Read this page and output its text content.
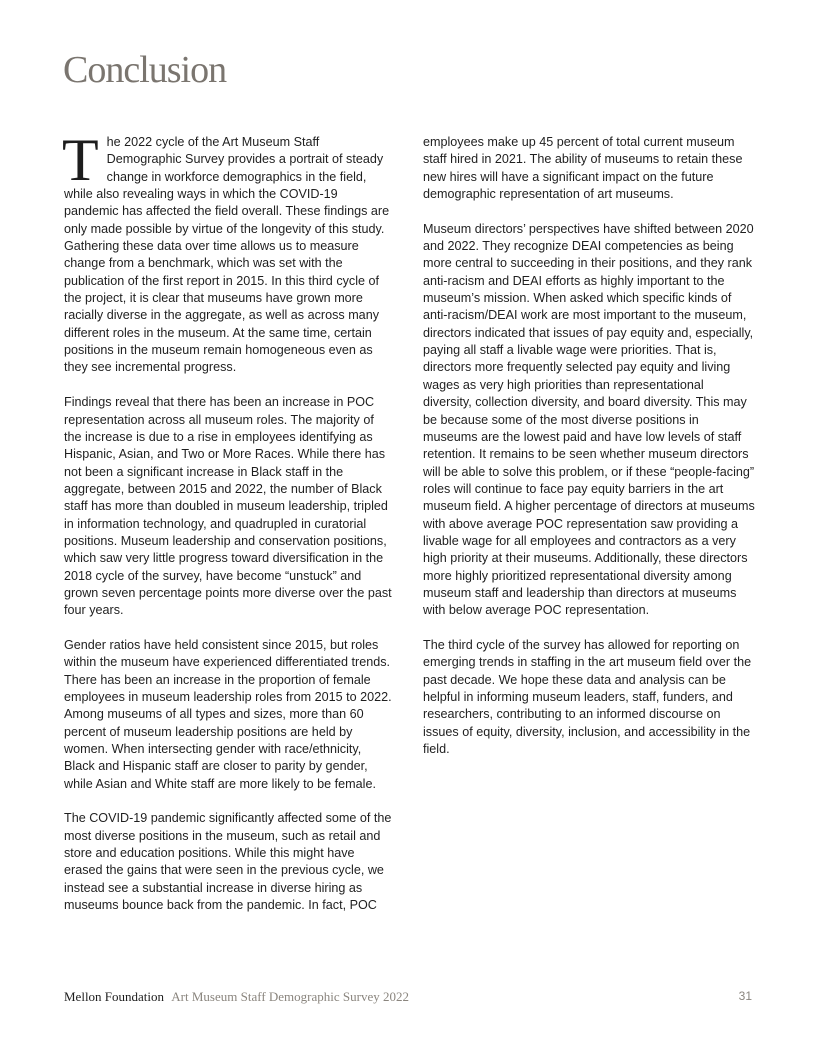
Conclusion

The 2022 cycle of the Art Museum Staff Demographic Survey provides a portrait of steady change in workforce demographics in the field, while also revealing ways in which the COVID-19 pandemic has affected the field overall. These findings are only made possible by virtue of the longevity of this study. Gathering these data over time allows us to measure change from a benchmark, which was set with the publication of the first report in 2015. In this third cycle of the project, it is clear that museums have grown more racially diverse in the aggregate, as well as across many different roles in the museum. At the same time, certain positions in the museum remain homogeneous even as they see incremental progress.

Findings reveal that there has been an increase in POC representation across all museum roles. The majority of the increase is due to a rise in employees identifying as Hispanic, Asian, and Two or More Races. While there has not been a significant increase in Black staff in the aggregate, between 2015 and 2022, the number of Black staff has more than doubled in museum leadership, tripled in information technology, and quadrupled in curatorial positions. Museum leadership and conservation positions, which saw very little progress toward diversification in the 2018 cycle of the survey, have become “unstuck” and grown seven percentage points more diverse over the past four years.

Gender ratios have held consistent since 2015, but roles within the museum have experienced differentiated trends. There has been an increase in the proportion of female employees in museum leadership roles from 2015 to 2022. Among museums of all types and sizes, more than 60 percent of museum leadership positions are held by women. When intersecting gender with race/ethnicity, Black and Hispanic staff are closer to parity by gender, while Asian and White staff are more likely to be female.

The COVID-19 pandemic significantly affected some of the most diverse positions in the museum, such as retail and store and education positions. While this might have erased the gains that were seen in the previous cycle, we instead see a substantial increase in diverse hiring as museums bounce back from the pandemic. In fact, POC

employees make up 45 percent of total current museum staff hired in 2021. The ability of museums to retain these new hires will have a significant impact on the future demographic representation of art museums.

Museum directors’ perspectives have shifted between 2020 and 2022. They recognize DEAI competencies as being more central to succeeding in their positions, and they rank anti-racism and DEAI efforts as highly important to the museum’s mission. When asked which specific kinds of anti-racism/DEAI work are most important to the museum, directors indicated that issues of pay equity and, especially, paying all staff a livable wage were priorities. That is, directors more frequently selected pay equity and living wages as very high priorities than representational diversity, collection diversity, and board diversity. This may be because some of the most diverse positions in museums are the lowest paid and have low levels of staff retention. It remains to be seen whether museum directors will be able to solve this problem, or if these “people-facing” roles will continue to face pay equity barriers in the art museum field. A higher percentage of directors at museums with above average POC representation saw providing a livable wage for all employees and contractors as a very high priority at their museums. Additionally, these directors more highly prioritized representational diversity among museum staff and leadership than directors at museums with below average POC representation.

The third cycle of the survey has allowed for reporting on emerging trends in staffing in the art museum field over the past decade. We hope these data and analysis can be helpful in informing museum leaders, staff, funders, and researchers, contributing to an informed discourse on issues of equity, diversity, inclusion, and accessibility in the field.

Mellon Foundation Art Museum Staff Demographic Survey 2022	31
